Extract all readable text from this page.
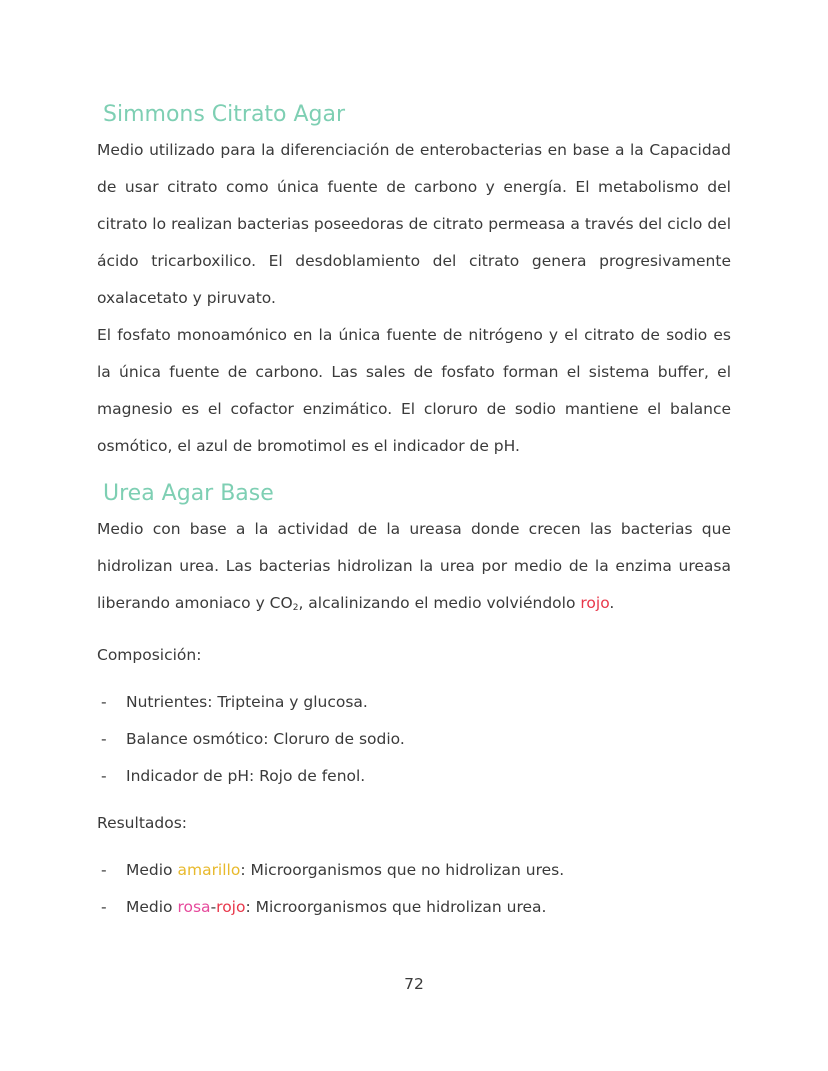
Simmons Citrato Agar

Medio utilizado para la diferenciación de enterobacterias en base a la Capacidad de usar citrato como única fuente de carbono y energía. El metabolismo del citrato lo realizan bacterias poseedoras de citrato permeasa a través del ciclo del ácido tricarboxilico. El desdoblamiento del citrato genera progresivamente oxalacetato y piruvato.

El fosfato monoamónico en la única fuente de nitrógeno y el citrato de sodio es la única fuente de carbono. Las sales de fosfato forman el sistema buffer, el magnesio es el cofactor enzimático. El cloruro de sodio mantiene el balance osmótico, el azul de bromotimol es el indicador de pH.

Urea Agar Base

Medio con base a la actividad de la ureasa donde crecen las bacterias que hidrolizan urea. Las bacterias hidrolizan la urea por medio de la enzima ureasa liberando amoniaco y $CO_2$, alcalinizando el medio volviéndolo rojo.

Composición:

- Nutrientes: Tripteina y glucosa.
- Balance osmótico: Cloruro de sodio.
- Indicador de pH: Rojo de fenol.

Resultados:

- Medio amarillo: Microorganismos que no hidrolizan ures.
- Medio rosa-rojo: Microorganismos que hidrolizan urea.
72
